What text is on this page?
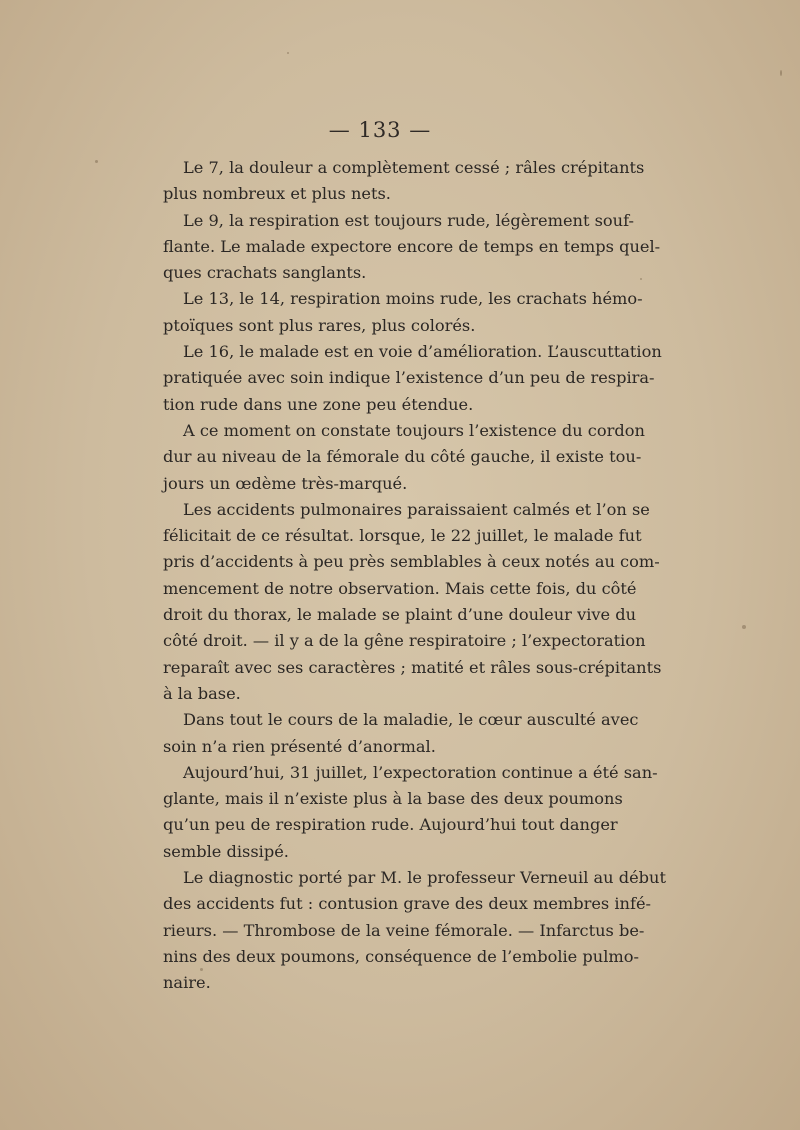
— 133 —
Le 7, la douleur a complètement cessé ; râles crépitants
plus nombreux et plus nets.
Le 9, la respiration est toujours rude, légèrement souf-
flante. Le malade expectore encore de temps en temps quel-
ques crachats sanglants.
Le 13, le 14, respiration moins rude, les crachats hémo-
ptoïques sont plus rares, plus colorés.
Le 16, le malade est en voie d’amélioration. L’auscuttation
pratiquée avec soin indique l’existence d’un peu de respira-
tion rude dans une zone peu étendue.
A ce moment on constate toujours l’existence du cordon
dur au niveau de la fémorale du côté gauche, il existe tou-
jours un œdème très-marqué.
Les accidents pulmonaires paraissaient calmés et l’on se
félicitait de ce résultat. lorsque, le 22 juillet, le malade fut
pris d’accidents à peu près semblables à ceux notés au com-
mencement de notre observation. Mais cette fois, du côté
droit du thorax, le malade se plaint d’une douleur vive du
côté droit. — il y a de la gêne respiratoire ; l’expectoration
reparaît avec ses caractères ; matité et râles sous-crépitants
à la base.
Dans tout le cours de la maladie, le cœur ausculté avec
soin n’a rien présenté d’anormal.
Aujourd’hui, 31 juillet, l’expectoration continue a été san-
glante, mais il n’existe plus à la base des deux poumons
qu’un peu de respiration rude. Aujourd’hui tout danger
semble dissipé.
Le diagnostic porté par M. le professeur Verneuil au début
des accidents fut : contusion grave des deux membres infé-
rieurs. — Thrombose de la veine fémorale. — Infarctus be-
nins des deux poumons, conséquence de l’embolie pulmo-
naire.
